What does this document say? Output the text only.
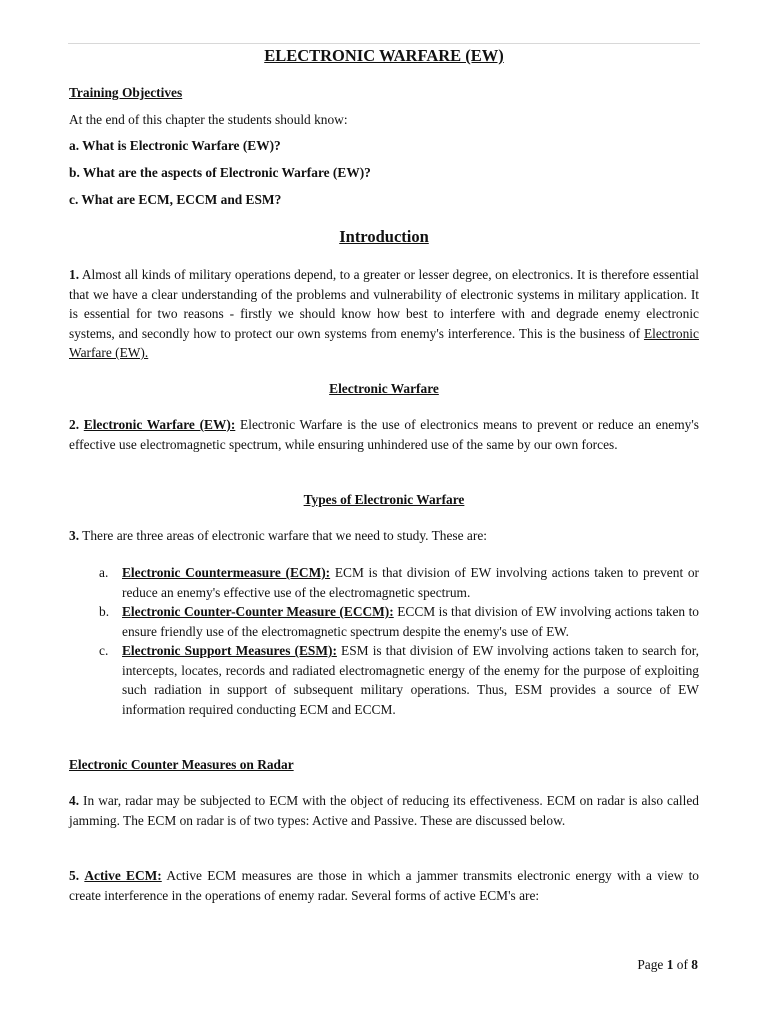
ELECTRONIC WARFARE (EW)
Training Objectives
At the end of this chapter the students should know:
a. What is Electronic Warfare (EW)?
b. What are the aspects of Electronic Warfare (EW)?
c. What are ECM, ECCM and ESM?
Introduction
1. Almost all kinds of military operations depend, to a greater or lesser degree, on electronics. It is therefore essential that we have a clear understanding of the problems and vulnerability of electronic systems in military application. It is essential for two reasons - firstly we should know how best to interfere with and degrade enemy electronic systems, and secondly how to protect our own systems from enemy's interference. This is the business of Electronic Warfare (EW).
Electronic Warfare
2. Electronic Warfare (EW): Electronic Warfare is the use of electronics means to prevent or reduce an enemy's effective use electromagnetic spectrum, while ensuring unhindered use of the same by our own forces.
Types of Electronic Warfare
3. There are three areas of electronic warfare that we need to study. These are:
a. Electronic Countermeasure (ECM): ECM is that division of EW involving actions taken to prevent or reduce an enemy's effective use of the electromagnetic spectrum.
b. Electronic Counter-Counter Measure (ECCM): ECCM is that division of EW involving actions taken to ensure friendly use of the electromagnetic spectrum despite the enemy's use of EW.
c. Electronic Support Measures (ESM): ESM is that division of EW involving actions taken to search for, intercepts, locates, records and radiated electromagnetic energy of the enemy for the purpose of exploiting such radiation in support of subsequent military operations. Thus, ESM provides a source of EW information required conducting ECM and ECCM.
Electronic Counter Measures on Radar
4. In war, radar may be subjected to ECM with the object of reducing its effectiveness. ECM on radar is also called jamming. The ECM on radar is of two types: Active and Passive. These are discussed below.
5. Active ECM: Active ECM measures are those in which a jammer transmits electronic energy with a view to create interference in the operations of enemy radar. Several forms of active ECM's are:
Page 1 of 8
